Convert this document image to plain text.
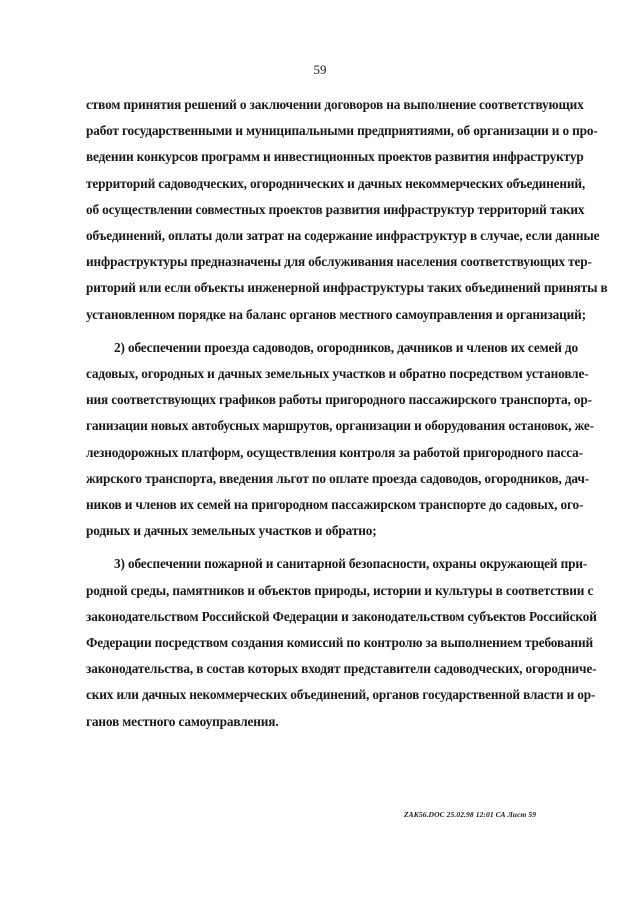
59
ством принятия решений о заключении договоров на выполнение соответствующих
работ государственными и муниципальными предприятиями, об организации и о про-
ведении конкурсов программ и инвестиционных проектов развития инфраструктур
территорий садоводческих, огороднических и дачных некоммерческих объединений,
об осуществлении совместных проектов развития инфраструктур территорий таких
объединений, оплаты доли затрат на содержание инфраструктур в случае, если данные
инфраструктуры предназначены для обслуживания населения соответствующих тер-
риторий или если объекты инженерной инфраструктуры таких объединений приняты в
установленном порядке на баланс органов местного самоуправления и организаций;
2) обеспечении проезда садоводов, огородников, дачников и членов их семей до
садовых, огородных и дачных земельных участков и обратно посредством установле-
ния соответствующих графиков работы пригородного пассажирского транспорта, ор-
ганизации новых автобусных маршрутов, организации и оборудования остановок, же-
лезнодорожных платформ, осуществления контроля за работой пригородного пасса-
жирского транспорта, введения льгот по оплате проезда садоводов, огородников, дач-
ников и членов их семей на пригородном пассажирском транспорте до садовых, ого-
родных и дачных земельных участков и обратно;
3) обеспечении пожарной и санитарной безопасности, охраны окружающей при-
родной среды, памятников и объектов природы, истории и культуры в соответствии с
законодательством Российской Федерации и законодательством субъектов Российской
Федерации посредством создания комиссий по контролю за выполнением требований
законодательства, в состав которых входят представители садоводческих, огородниче-
ских или дачных некоммерческих объединений, органов государственной власти и ор-
ганов местного самоуправления.
ZAK56.DOC 25.02.98 12:01 СА Лист 59
